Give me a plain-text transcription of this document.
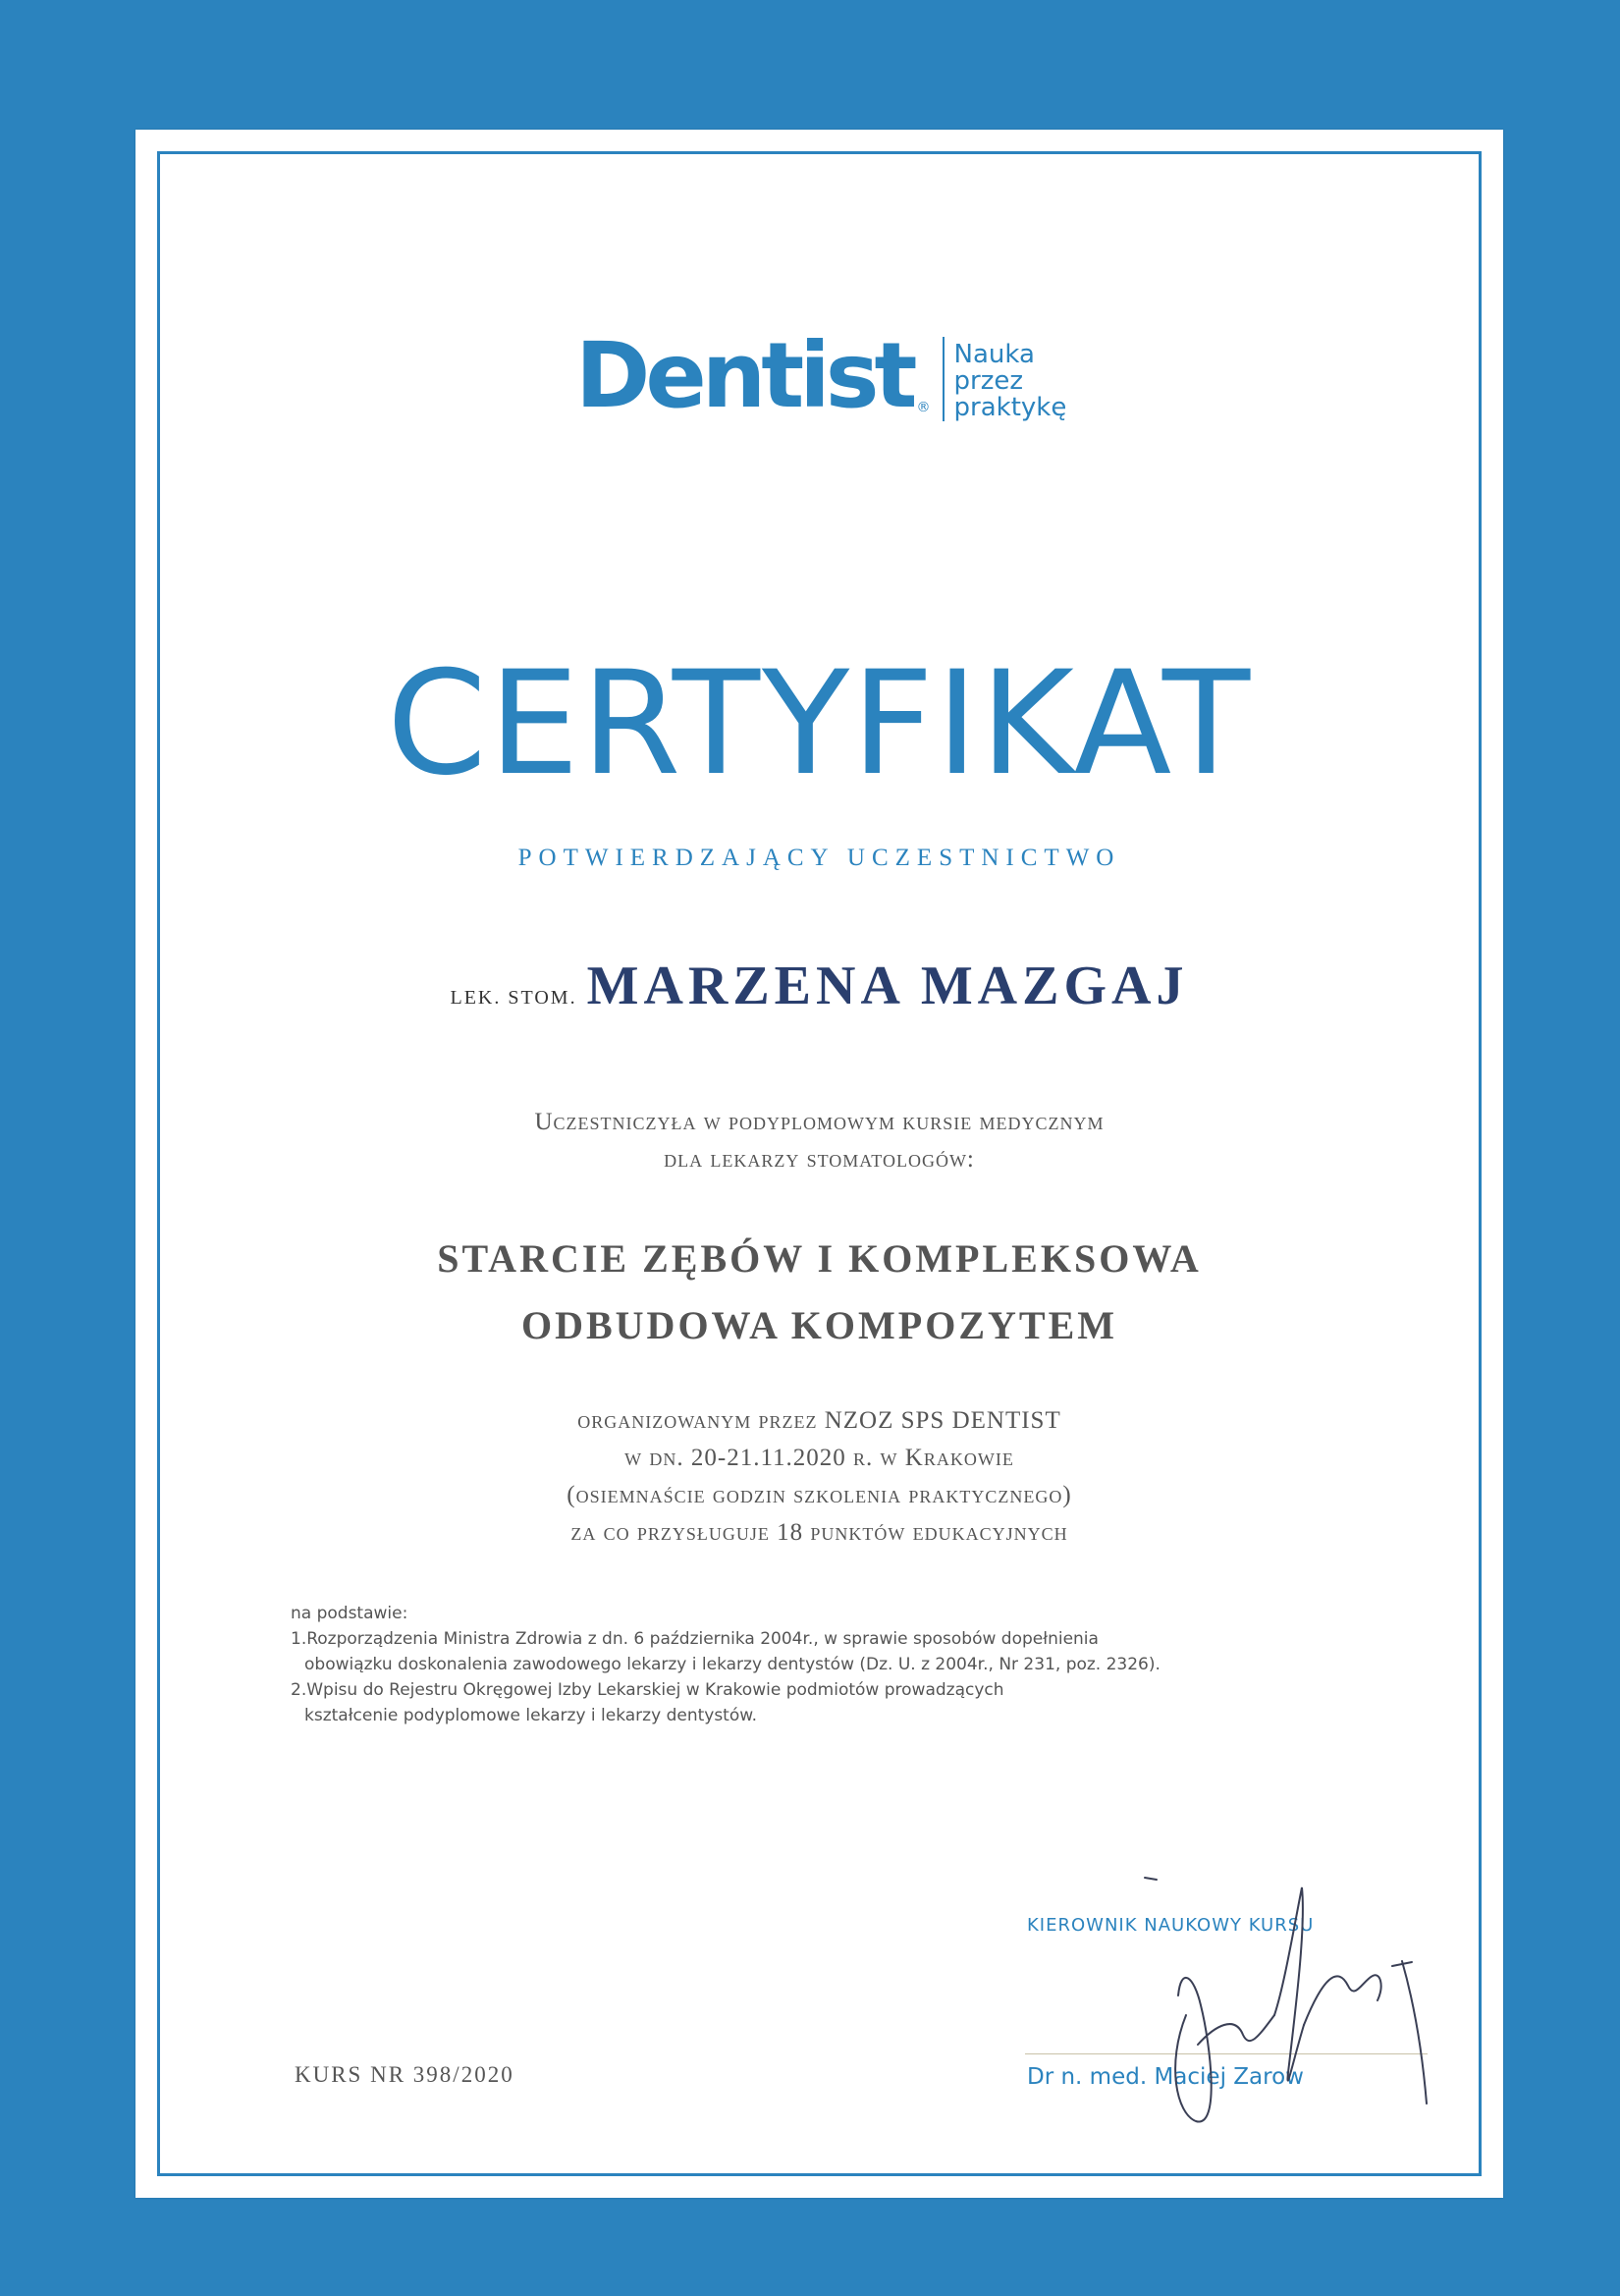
Dentist ®
Nauka
przez
praktykę
CERTYFIKAT
POTWIERDZAJĄCY UCZESTNICTWO
LEK. STOM. MARZENA MAZGAJ
Uczestniczyła w podyplomowym kursie medycznym
dla lekarzy stomatologów:
STARCIE ZĘBÓW I KOMPLEKSOWA
ODBUDOWA KOMPOZYTEM
organizowanym przez NZOZ SPS DENTIST
w dn. 20-21.11.2020 r. w Krakowie
(osiemnaście godzin szkolenia praktycznego)
za co przysługuje 18 punktów edukacyjnych
na podstawie:
1.Rozporządzenia Ministra Zdrowia z dn. 6 października 2004r., w sprawie sposobów dopełnienia
obowiązku doskonalenia zawodowego lekarzy i lekarzy dentystów (Dz. U. z 2004r., Nr 231, poz. 2326).
2.Wpisu do Rejestru Okręgowej Izby Lekarskiej w Krakowie podmiotów prowadzących
kształcenie podyplomowe lekarzy i lekarzy dentystów.
KURS NR 398/2020
KIEROWNIK NAUKOWY KURSU
Dr n. med. Maciej Zarow
